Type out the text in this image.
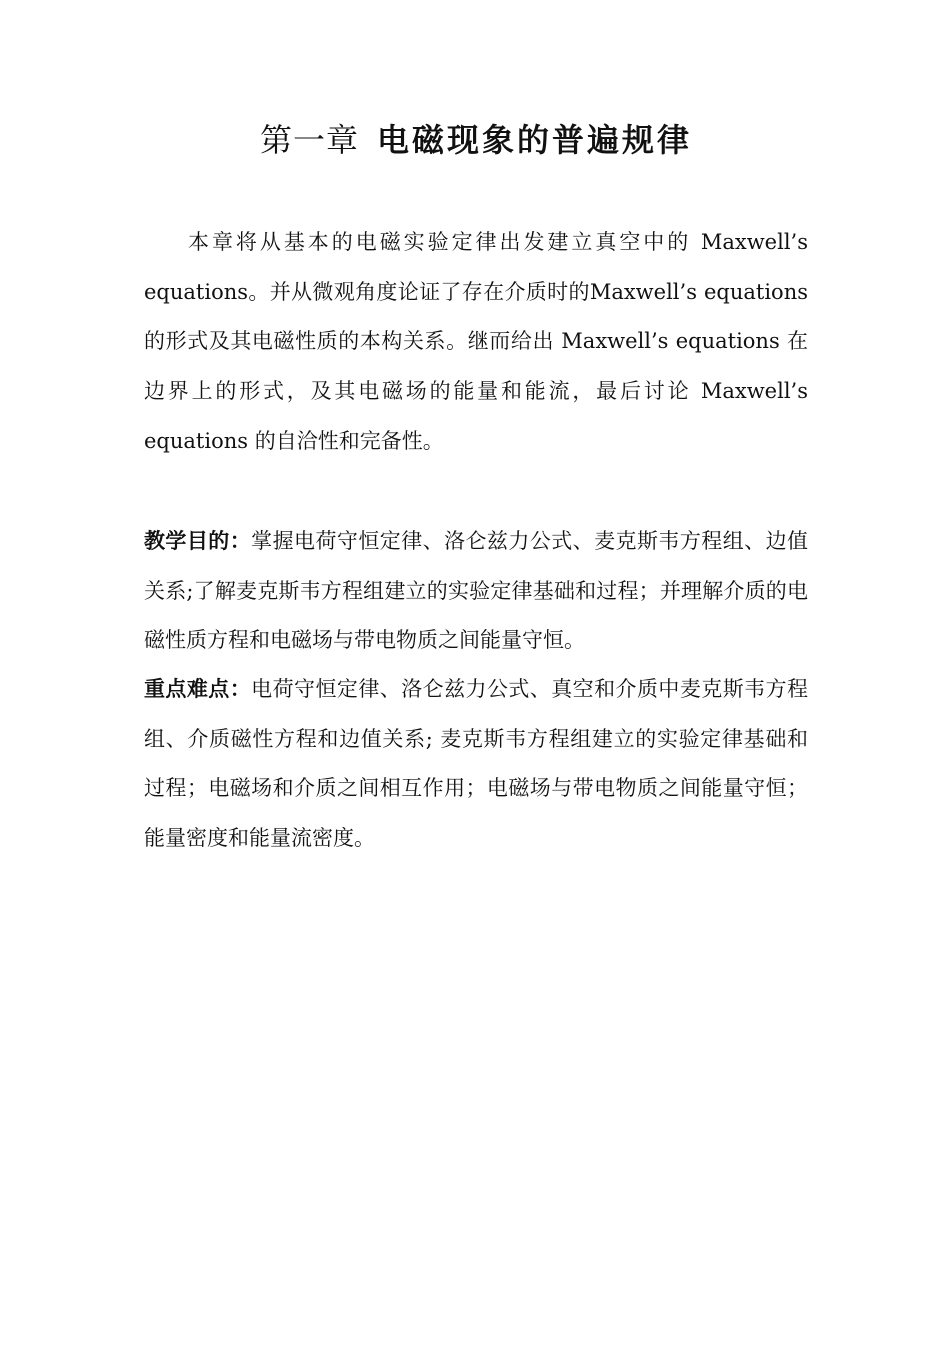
第一章 电磁现象的普遍规律

本章将从基本的电磁实验定律出发建立真空中的 Maxwell’s equations。并从微观角度论证了存在介质时的Maxwell’s equations 的形式及其电磁性质的本构关系。继而给出 Maxwell’s equations 在边界上的形式，及其电磁场的能量和能流，最后讨论 Maxwell’s equations 的自洽性和完备性。

教学目的：掌握电荷守恒定律、洛仑兹力公式、麦克斯韦方程组、边值关系;了解麦克斯韦方程组建立的实验定律基础和过程；并理解介质的电磁性质方程和电磁场与带电物质之间能量守恒。

重点难点：电荷守恒定律、洛仑兹力公式、真空和介质中麦克斯韦方程组、介质磁性方程和边值关系; 麦克斯韦方程组建立的实验定律基础和过程；电磁场和介质之间相互作用；电磁场与带电物质之间能量守恒；能量密度和能量流密度。
